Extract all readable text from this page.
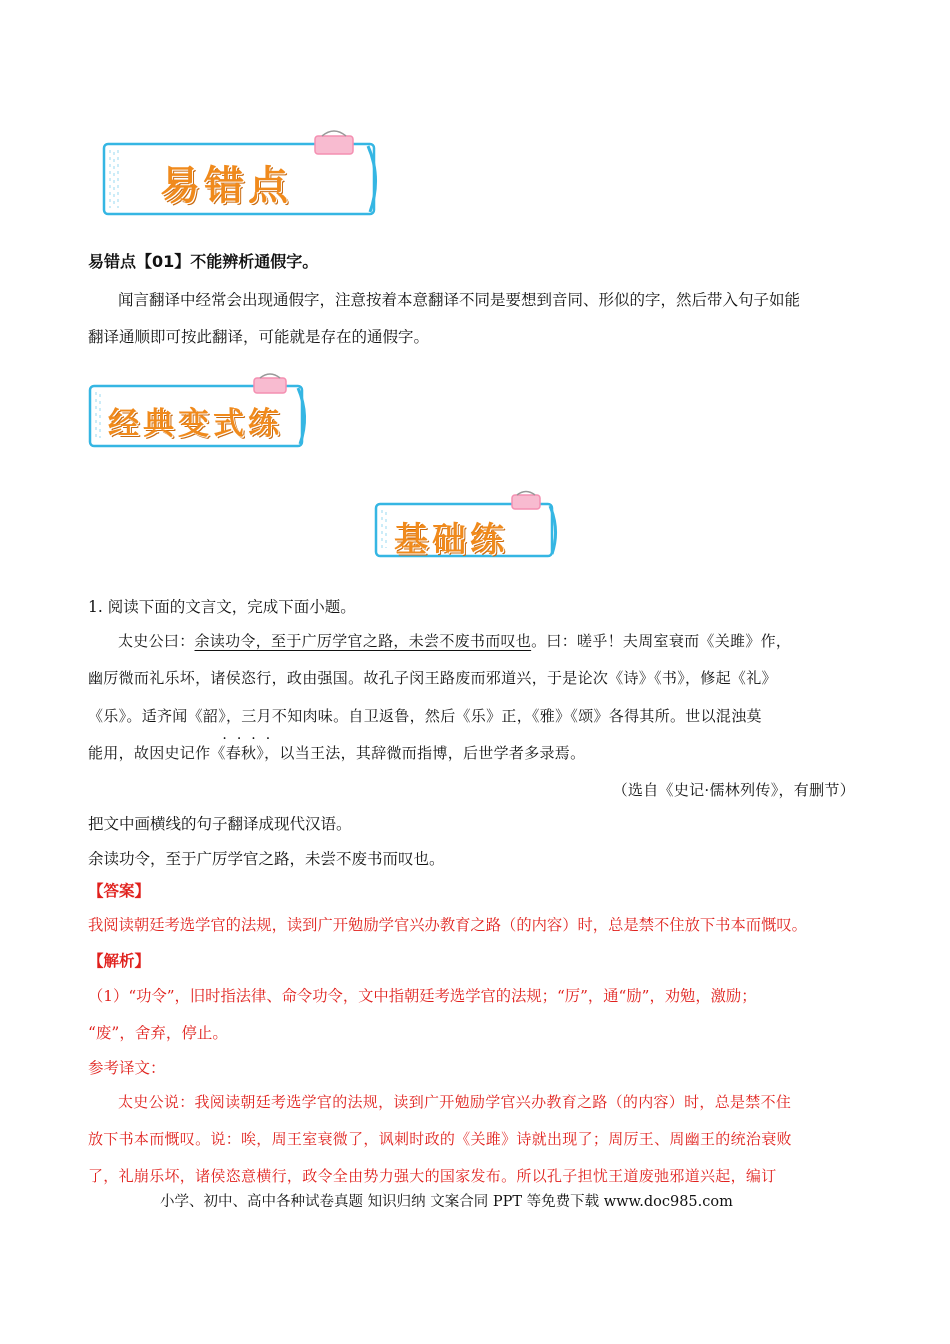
易错点
易错点【01】不能辨析通假字。
闻言翻译中经常会出现通假字，注意按着本意翻译不同是要想到音同、形似的字，然后带入句子如能
翻译通顺即可按此翻译，可能就是存在的通假字。
经典变式练
基础练
1. 阅读下面的文言文，完成下面小题。
太史公曰：余读功令，至于广厉学官之路，未尝不废书而叹也。曰：嗟乎！夫周室衰而《关雎》作，
幽厉微而礼乐坏，诸侯恣行，政由强国。故孔子闵王路废而邪道兴，于是论次《诗》《书》，修起《礼》
《乐》。适齐闻《韶》，三月不知肉味。自卫返鲁，然后《乐》正，《雅》《颂》各得其所。世以混浊莫
能用，故因史记作《春秋》
····
，以当王法，其辞微而指博，后世学者多录焉。
（选自《史记·儒林列传》，有删节）
把文中画横线的句子翻译成现代汉语。
余读功令，至于广厉学官之路，未尝不废书而叹也。
【答案】
我阅读朝廷考选学官的法规，读到广开勉励学官兴办教育之路（的内容）时，总是禁不住放下书本而慨叹。
【解析】
（1）“功令”，旧时指法律、命令功令，文中指朝廷考选学官的法规；“厉”，通“励”，劝勉，激励；
“废”，舍弃，停止。
参考译文：
太史公说：我阅读朝廷考选学官的法规，读到广开勉励学官兴办教育之路（的内容）时，总是禁不住
放下书本而慨叹。说：唉，周王室衰微了，讽刺时政的《关雎》诗就出现了；周厉王、周幽王的统治衰败
了，礼崩乐坏，诸侯恣意横行，政令全由势力强大的国家发布。所以孔子担忧王道废弛邪道兴起，编订
小学、初中、高中各种试卷真题 知识归纳 文案合同 PPT 等免费下载 www.doc985.com
